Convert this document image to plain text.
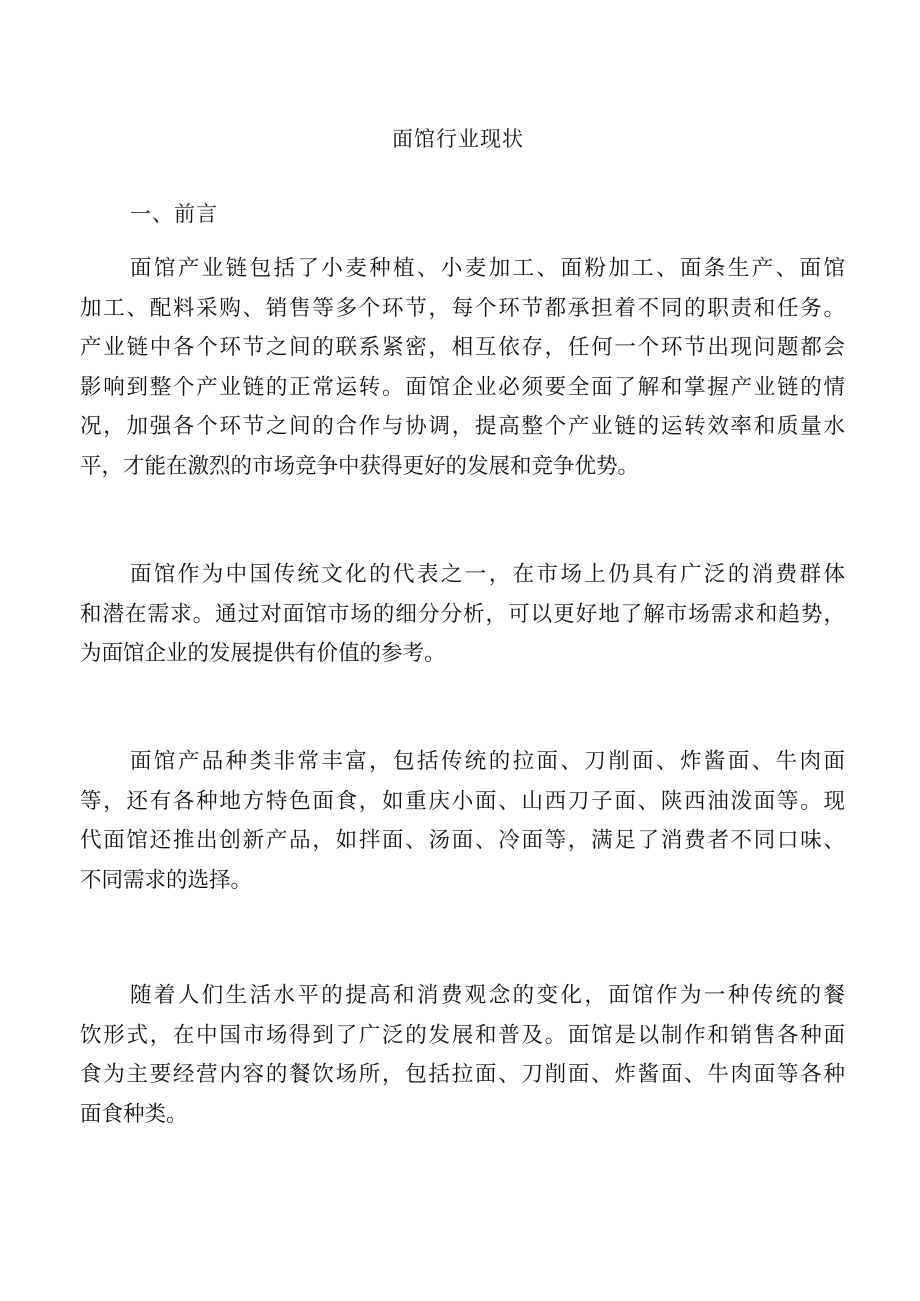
面馆行业现状
一、前言

面馆产业链包括了小麦种植、小麦加工、面粉加工、面条生产、面馆
加工、配料采购、销售等多个环节，每个环节都承担着不同的职责和任务。
产业链中各个环节之间的联系紧密，相互依存，任何一个环节出现问题都会
影响到整个产业链的正常运转。面馆企业必须要全面了解和掌握产业链的情
况，加强各个环节之间的合作与协调，提高整个产业链的运转效率和质量水
平，才能在激烈的市场竞争中获得更好的发展和竞争优势。

面馆作为中国传统文化的代表之一，在市场上仍具有广泛的消费群体
和潜在需求。通过对面馆市场的细分分析，可以更好地了解市场需求和趋势，
为面馆企业的发展提供有价值的参考。

面馆产品种类非常丰富，包括传统的拉面、刀削面、炸酱面、牛肉面
等，还有各种地方特色面食，如重庆小面、山西刀子面、陕西油泼面等。现
代面馆还推出创新产品，如拌面、汤面、冷面等，满足了消费者不同口味、
不同需求的选择。

随着人们生活水平的提高和消费观念的变化，面馆作为一种传统的餐
饮形式，在中国市场得到了广泛的发展和普及。面馆是以制作和销售各种面
食为主要经营内容的餐饮场所，包括拉面、刀削面、炸酱面、牛肉面等各种
面食种类。
